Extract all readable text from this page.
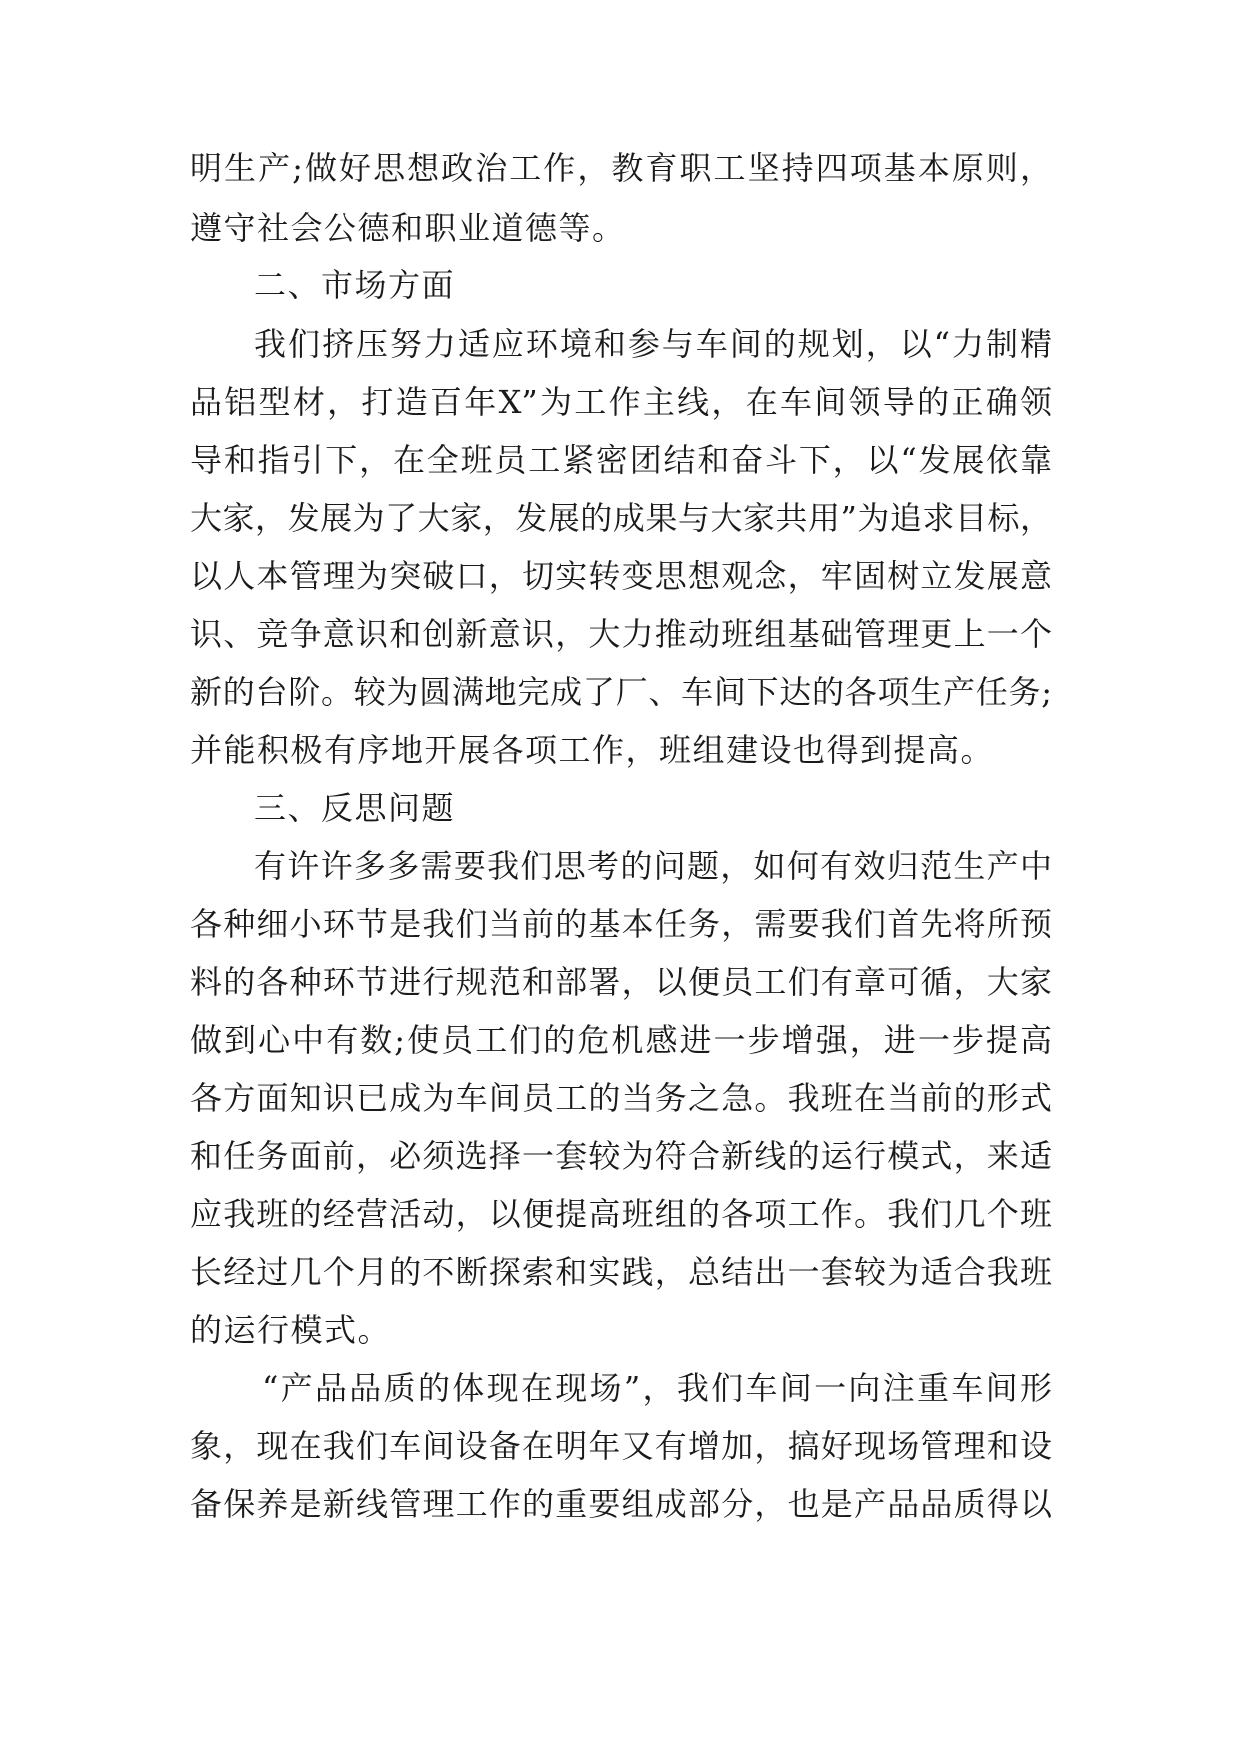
明生产;做好思想政治工作，教育职工坚持四项基本原则，
遵守社会公德和职业道德等。
二、市场方面
我们挤压努力适应环境和参与车间的规划，以“力制精
品铝型材，打造百年X”为工作主线，在车间领导的正确领
导和指引下，在全班员工紧密团结和奋斗下，以“发展依靠
大家，发展为了大家，发展的成果与大家共用”为追求目标，
以人本管理为突破口，切实转变思想观念，牢固树立发展意
识、竞争意识和创新意识，大力推动班组基础管理更上一个
新的台阶。较为圆满地完成了厂、车间下达的各项生产任务;
并能积极有序地开展各项工作，班组建设也得到提高。
三、反思问题
有许许多多需要我们思考的问题，如何有效归范生产中
各种细小环节是我们当前的基本任务，需要我们首先将所预
料的各种环节进行规范和部署，以便员工们有章可循，大家
做到心中有数;使员工们的危机感进一步增强，进一步提高
各方面知识已成为车间员工的当务之急。我班在当前的形式
和任务面前，必须选择一套较为符合新线的运行模式，来适
应我班的经营活动，以便提高班组的各项工作。我们几个班
长经过几个月的不断探索和实践，总结出一套较为适合我班
的运行模式。
“产品品质的体现在现场”，我们车间一向注重车间形
象，现在我们车间设备在明年又有增加，搞好现场管理和设
备保养是新线管理工作的重要组成部分，也是产品品质得以
